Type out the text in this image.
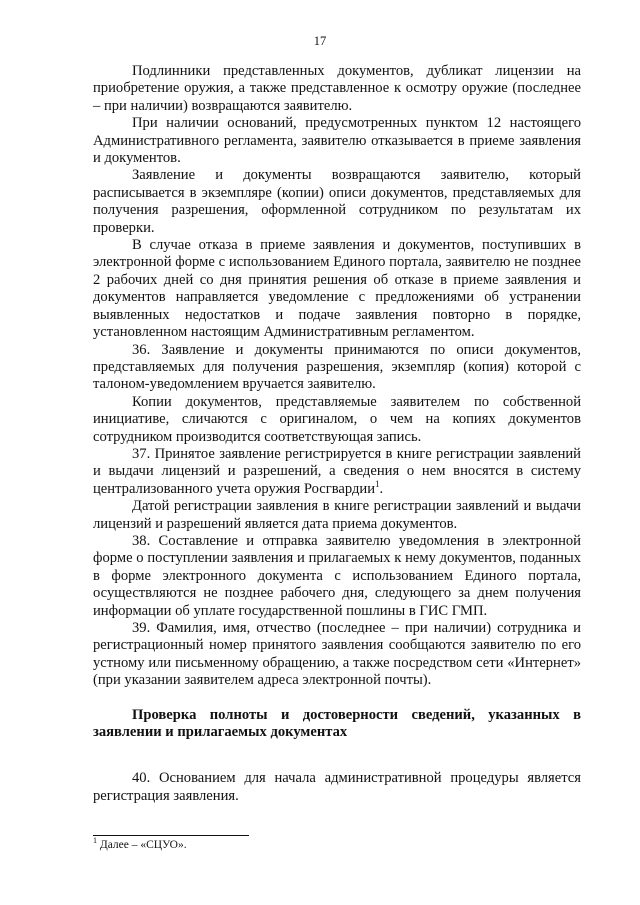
17

Подлинники представленных документов, дубликат лицензии на приобретение оружия, а также представленное к осмотру оружие (последнее – при наличии) возвращаются заявителю.

При наличии оснований, предусмотренных пунктом 12 настоящего Административного регламента, заявителю отказывается в приеме заявления и документов.

Заявление и документы возвращаются заявителю, который расписывается в экземпляре (копии) описи документов, представляемых для получения разрешения, оформленной сотрудником по результатам их проверки.

В случае отказа в приеме заявления и документов, поступивших в электронной форме с использованием Единого портала, заявителю не позднее 2 рабочих дней со дня принятия решения об отказе в приеме заявления и документов направляется уведомление с предложениями об устранении выявленных недостатков и подаче заявления повторно в порядке, установленном настоящим Административным регламентом.

36. Заявление и документы принимаются по описи документов, представляемых для получения разрешения, экземпляр (копия) которой с талоном-уведомлением вручается заявителю.

Копии документов, представляемые заявителем по собственной инициативе, сличаются с оригиналом, о чем на копиях документов сотрудником производится соответствующая запись.

37. Принятое заявление регистрируется в книге регистрации заявлений и выдачи лицензий и разрешений, а сведения о нем вносятся в систему централизованного учета оружия Росгвардии$^1$.

Датой регистрации заявления в книге регистрации заявлений и выдачи лицензий и разрешений является дата приема документов.

38. Составление и отправка заявителю уведомления в электронной форме о поступлении заявления и прилагаемых к нему документов, поданных в форме электронного документа с использованием Единого портала, осуществляются не позднее рабочего дня, следующего за днем получения информации об уплате государственной пошлины в ГИС ГМП.

39. Фамилия, имя, отчество (последнее – при наличии) сотрудника и регистрационный номер принятого заявления сообщаются заявителю по его устному или письменному обращению, а также посредством сети «Интернет» (при указании заявителем адреса электронной почты).

Проверка полноты и достоверности сведений, указанных в заявлении и прилагаемых документах

40. Основанием для начала административной процедуры является регистрация заявления.

$^1$ Далее – «СЦУО».
